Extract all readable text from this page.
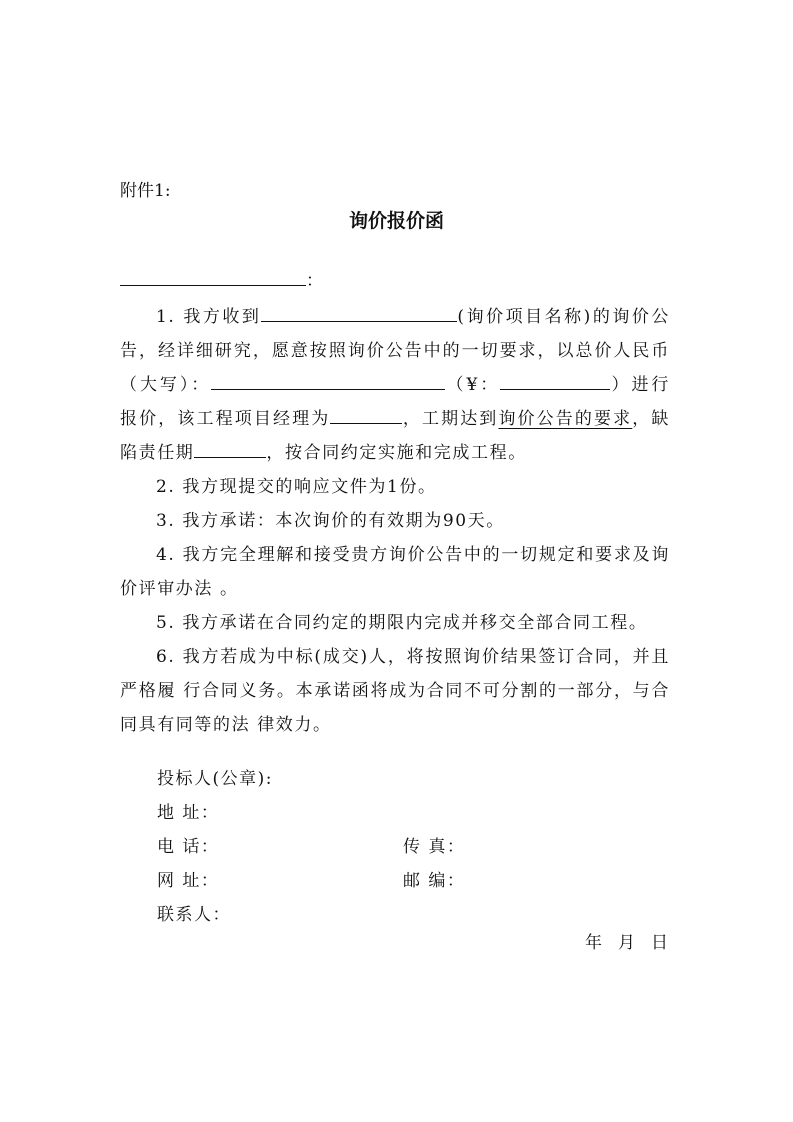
附件1:
询价报价函
：

1. 我方收到	(询价项目名称)的询价公告，经详细研究，愿意按照询价公告中的一切要求，以总价人民币（大写）：	（¥：	）进行报价，该工程项目经理为	，工期达到询价公告的要求，缺陷责任期	，按合同约定实施和完成工程。

2. 我方现提交的响应文件为1份。

3. 我方承诺：本次询价的有效期为90天。

4. 我方完全理解和接受贵方询价公告中的一切规定和要求及询价评审办法 。

5. 我方承诺在合同约定的期限内完成并移交全部合同工程。

6. 我方若成为中标(成交)人，将按照询价结果签订合同，并且严格履 行合同义务。本承诺函将成为合同不可分割的一部分，与合同具有同等的法 律效力。

投标人(公章):
地 址：
电 话：	传 真：
网 址：	邮 编：
联系人：
年 月 日
